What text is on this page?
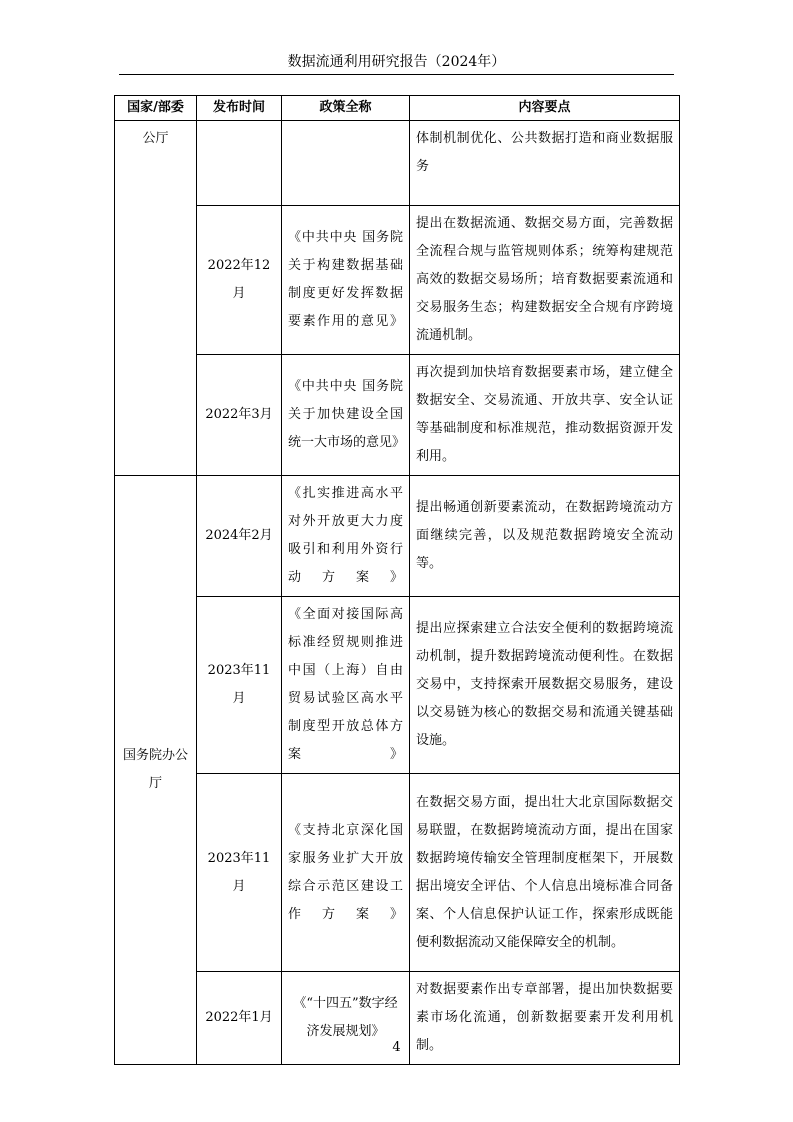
数据流通利用研究报告（2024年）
国家/部委	发布时间	政策全称	内容要点
公厅			体制机制优化、公共数据打造和商业数据服务
	2022年12月	《中共中央 国务院关于构建数据基础制度更好发挥数据要素作用的意见》	提出在数据流通、数据交易方面，完善数据全流程合规与监管规则体系；统筹构建规范高效的数据交易场所；培育数据要素流通和交易服务生态；构建数据安全合规有序跨境流通机制。
	2022年3月	《中共中央 国务院关于加快建设全国统一大市场的意见》	再次提到加快培育数据要素市场，建立健全数据安全、交易流通、开放共享、安全认证等基础制度和标准规范，推动数据资源开发利用。
国务院办公厅	2024年2月	《扎实推进高水平对外开放更大力度吸引和利用外资行动方案》	提出畅通创新要素流动，在数据跨境流动方面继续完善，以及规范数据跨境安全流动等。
	2023年11月	《全面对接国际高标准经贸规则推进中国（上海）自由贸易试验区高水平制度型开放总体方案》	提出应探索建立合法安全便利的数据跨境流动机制，提升数据跨境流动便利性。在数据交易中，支持探索开展数据交易服务，建设以交易链为核心的数据交易和流通关键基础设施。
	2023年11月	《支持北京深化国家服务业扩大开放综合示范区建设工作方案》	在数据交易方面，提出壮大北京国际数据交易联盟，在数据跨境流动方面，提出在国家数据跨境传输安全管理制度框架下，开展数据出境安全评估、个人信息出境标准合同备案、个人信息保护认证工作，探索形成既能便利数据流动又能保障安全的机制。
	2022年1月	《“十四五”数字经济发展规划》	对数据要素作出专章部署，提出加快数据要素市场化流通，创新数据要素开发利用机制。
4
